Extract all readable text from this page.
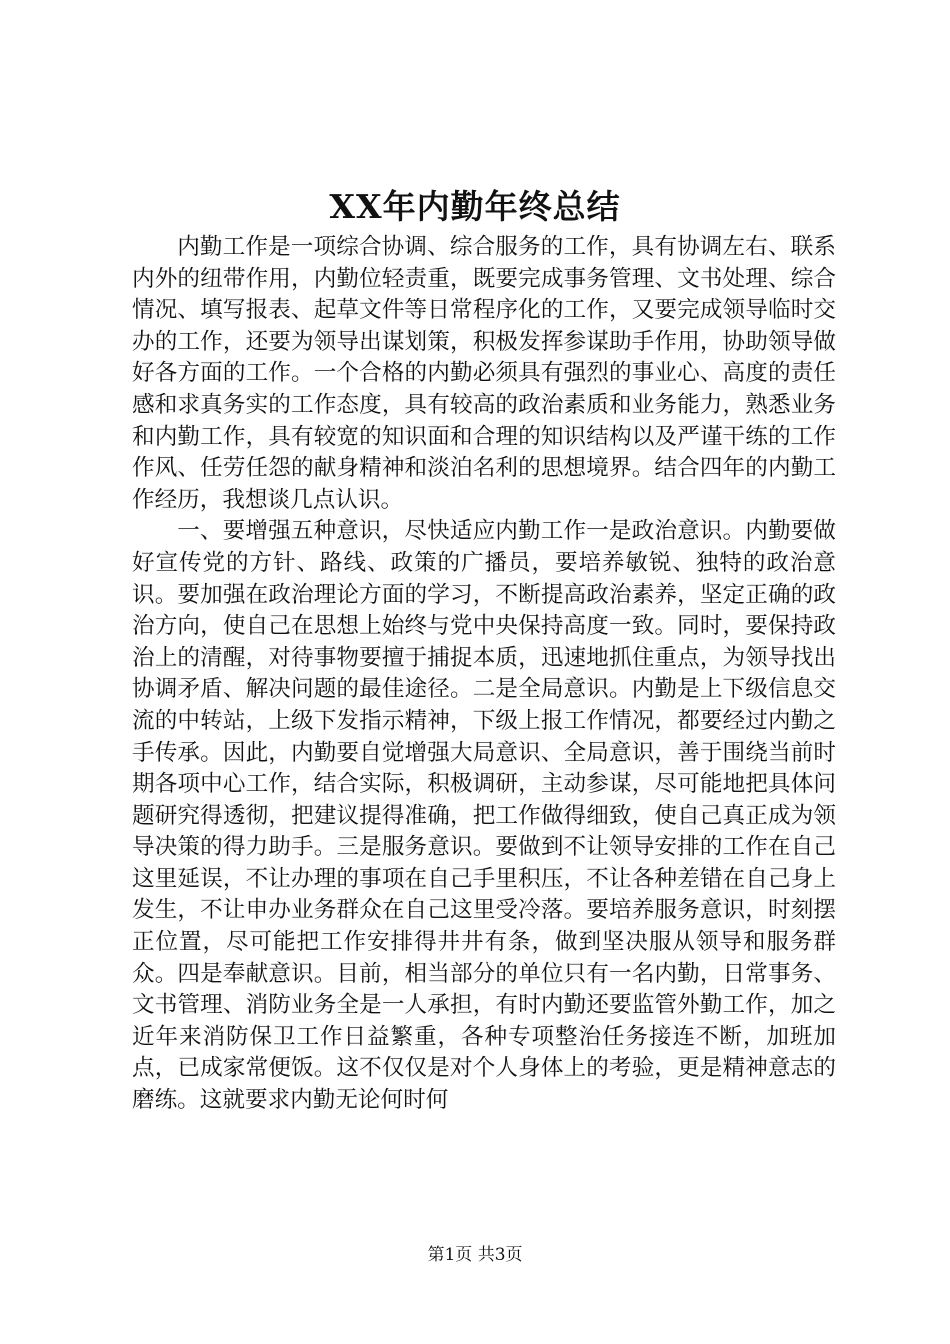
XX年内勤年终总结

内勤工作是一项综合协调、综合服务的工作，具有协调左右、联系内外的纽带作用，内勤位轻责重，既要完成事务管理、文书处理、综合情况、填写报表、起草文件等日常程序化的工作，又要完成领导临时交办的工作，还要为领导出谋划策，积极发挥参谋助手作用，协助领导做好各方面的工作。一个合格的内勤必须具有强烈的事业心、高度的责任感和求真务实的工作态度，具有较高的政治素质和业务能力，熟悉业务和内勤工作，具有较宽的知识面和合理的知识结构以及严谨干练的工作作风、任劳任怨的献身精神和淡泊名利的思想境界。结合四年的内勤工作经历，我想谈几点认识。

一、要增强五种意识，尽快适应内勤工作一是政治意识。内勤要做好宣传党的方针、路线、政策的广播员，要培养敏锐、独特的政治意识。要加强在政治理论方面的学习，不断提高政治素养，坚定正确的政治方向，使自己在思想上始终与党中央保持高度一致。同时，要保持政治上的清醒，对待事物要擅于捕捉本质，迅速地抓住重点，为领导找出协调矛盾、解决问题的最佳途径。二是全局意识。内勤是上下级信息交流的中转站，上级下发指示精神，下级上报工作情况，都要经过内勤之手传承。因此，内勤要自觉增强大局意识、全局意识，善于围绕当前时期各项中心工作，结合实际，积极调研，主动参谋，尽可能地把具体问题研究得透彻，把建议提得准确，把工作做得细致，使自己真正成为领导决策的得力助手。三是服务意识。要做到不让领导安排的工作在自己这里延误，不让办理的事项在自己手里积压，不让各种差错在自己身上发生，不让申办业务群众在自己这里受冷落。要培养服务意识，时刻摆正位置，尽可能把工作安排得井井有条，做到坚决服从领导和服务群众。四是奉献意识。目前，相当部分的单位只有一名内勤，日常事务、文书管理、消防业务全是一人承担，有时内勤还要监管外勤工作，加之近年来消防保卫工作日益繁重，各种专项整治任务接连不断，加班加点，已成家常便饭。这不仅仅是对个人身体上的考验，更是精神意志的磨练。这就要求内勤无论何时何

第1页 共3页
